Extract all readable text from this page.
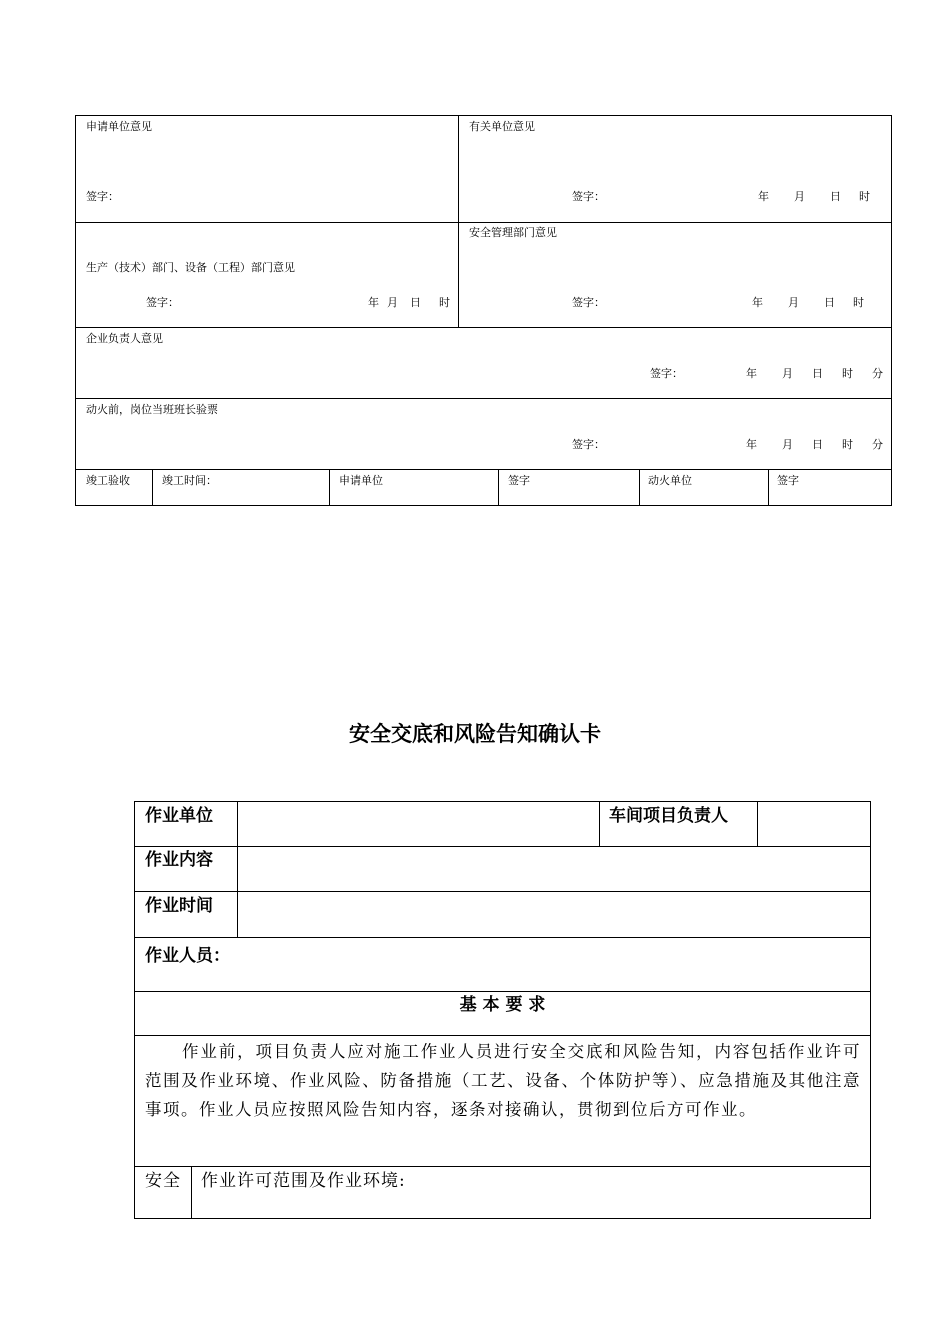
申请单位意见
签字：
有关单位意见
签字：	年 月 日 时
生产（技术）部门、设备（工程）部门意见
签字：	年 月 日 时
安全管理部门意见
签字：	年 月 日 时
企业负责人意见
签字：	年 月 日 时 分
动火前，岗位当班班长验票
签字：	年 月 日 时 分
竣工验收	竣工时间：	申请单位	签字	动火单位	签字
安全交底和风险告知确认卡
作业单位	车间项目负责人
作业内容
作业时间
作业人员：
基 本 要 求
作业前，项目负责人应对施工作业人员进行安全交底和风险告知，内容包括作业许可范围及作业环境、作业风险、防备措施（工艺、设备、个体防护等）、应急措施及其他注意事项。作业人员应按照风险告知内容，逐条对接确认，贯彻到位后方可作业。
安全 作业许可范围及作业环境:
